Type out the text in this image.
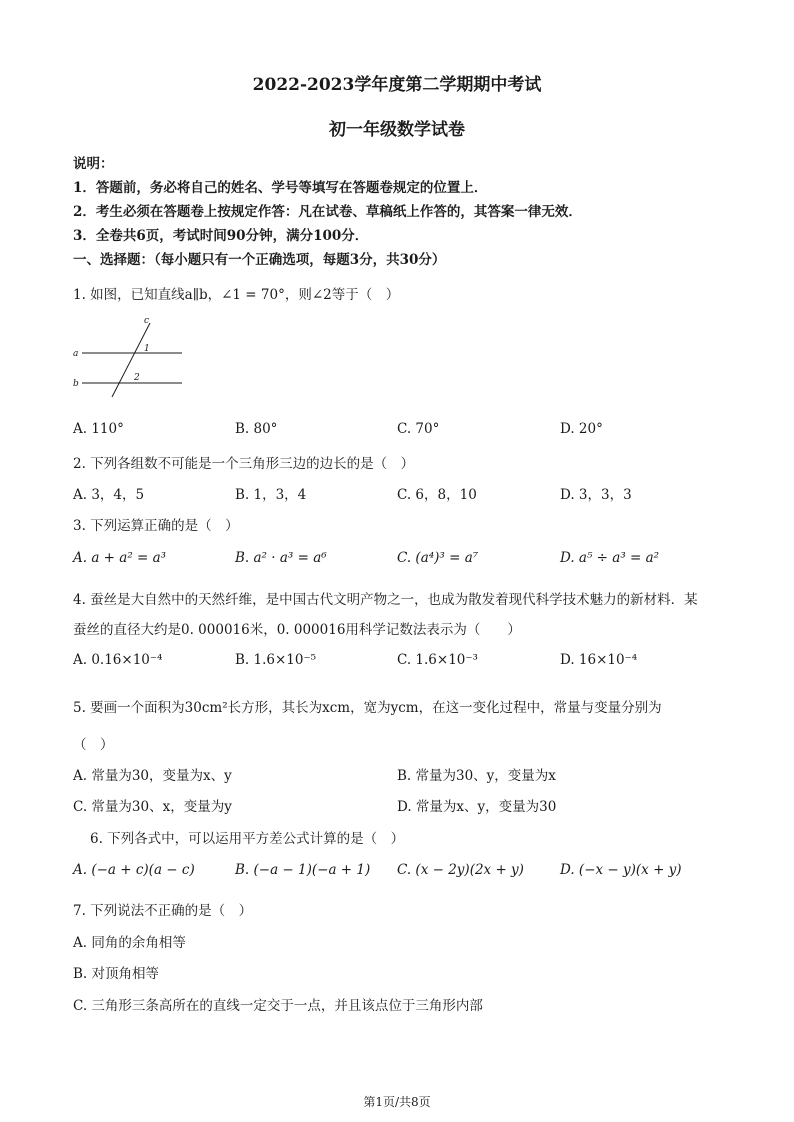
2022-2023学年度第二学期期中考试
初一年级数学试卷
说明：
1．答题前，务必将自己的姓名、学号等填写在答题卷规定的位置上．
2．考生必须在答题卷上按规定作答：凡在试卷、草稿纸上作答的，其答案一律无效．
3．全卷共6页，考试时间90分钟，满分100分．
一、选择题：（每小题只有一个正确选项，每题3分，共30分）
1. 如图，已知直线a∥b，∠1 = 70°，则∠2等于（　）
c
a
b
1
2
A. 110°	B. 80°	C. 70°	D. 20°
2. 下列各组数不可能是一个三角形三边的边长的是（　）
A. 3，4，5	B. 1，3，4	C. 6，8，10	D. 3，3，3
3. 下列运算正确的是（　）
A. a + a² = a³	B. a² · a³ = a⁶	C. (a⁴)³ = a⁷	D. a⁵ ÷ a³ = a²
4. 蚕丝是大自然中的天然纤维，是中国古代文明产物之一，也成为散发着现代科学技术魅力的新材料．某
蚕丝的直径大约是0. 000016米，0. 000016用科学记数法表示为（　　）
A. 0.16×10⁻⁴	B. 1.6×10⁻⁵	C. 1.6×10⁻³	D. 16×10⁻⁴
5. 要画一个面积为30cm²长方形，其长为xcm，宽为ycm，在这一变化过程中，常量与变量分别为
（　）
A. 常量为30，变量为x、y	B. 常量为30、y，变量为x
C. 常量为30、x，变量为y	D. 常量为x、y，变量为30
6. 下列各式中，可以运用平方差公式计算的是（　）
A. (−a + c)(a − c)	B. (−a − 1)(−a + 1) C. (x − 2y)(2x + y)	D. (−x − y)(x + y)
7. 下列说法不正确的是（　）
A. 同角的余角相等
B. 对顶角相等
C. 三角形三条高所在的直线一定交于一点，并且该点位于三角形内部
第1页/共8页
